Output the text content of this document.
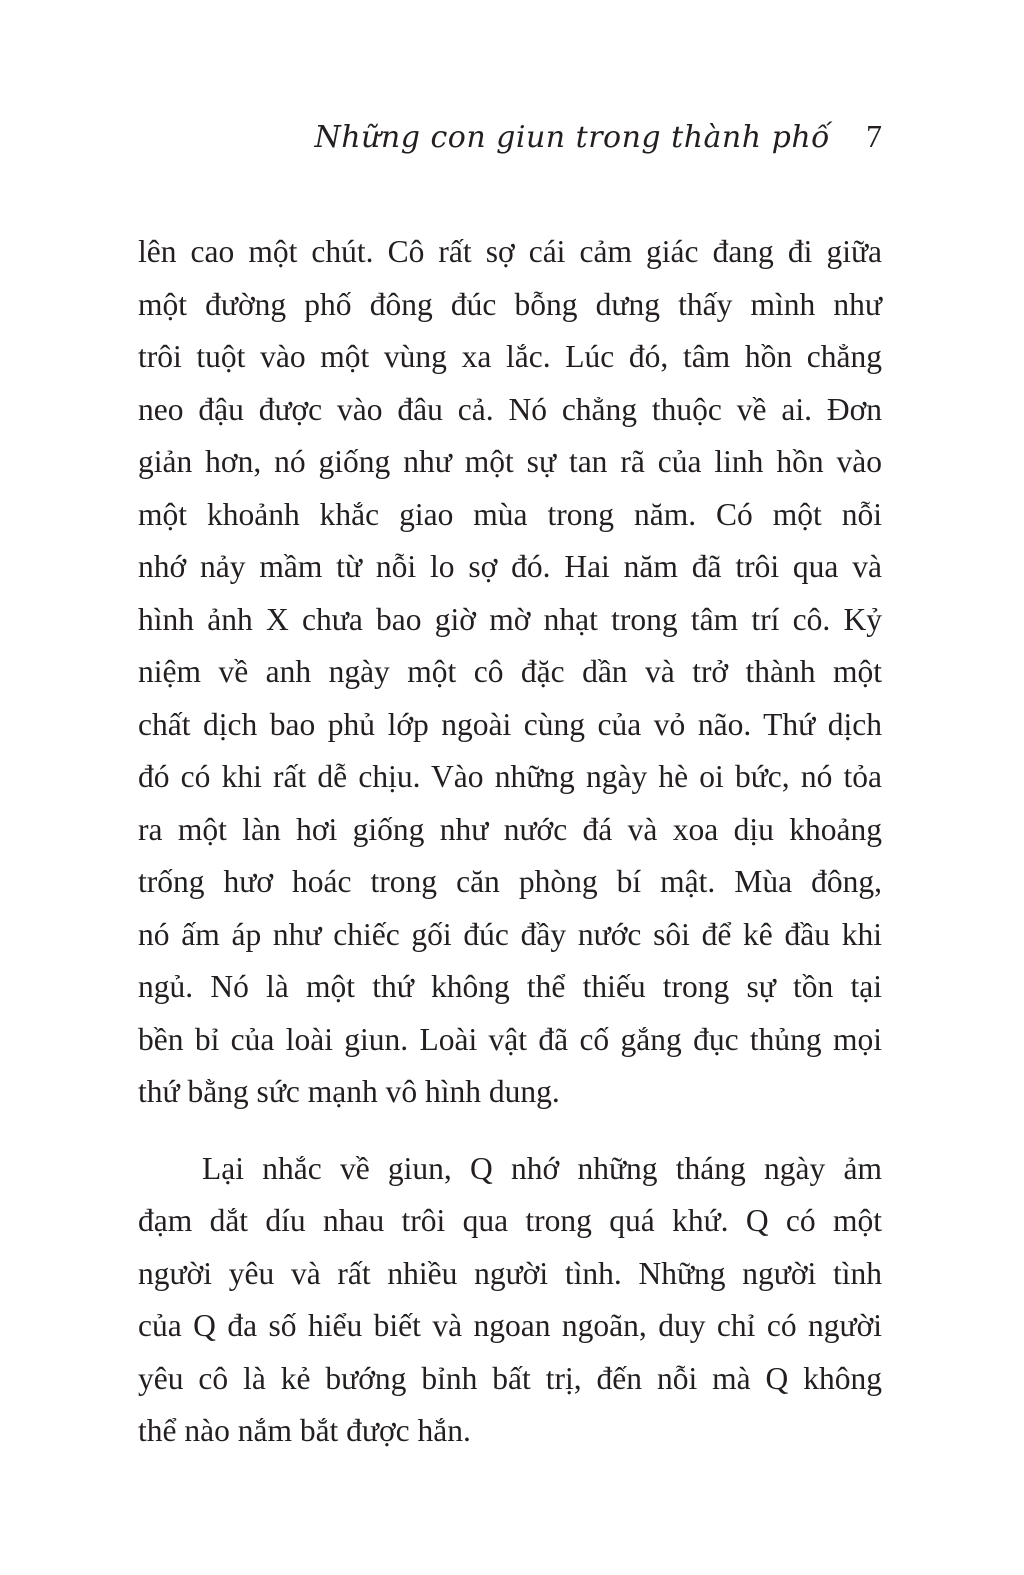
Những con giun trong thành phố 7

lên cao một chút. Cô rất sợ cái cảm giác đang đi giữa
một đường phố đông đúc bỗng dưng thấy mình như
trôi tuột vào một vùng xa lắc. Lúc đó, tâm hồn chẳng
neo đậu được vào đâu cả. Nó chẳng thuộc về ai. Đơn
giản hơn, nó giống như một sự tan rã của linh hồn vào
một khoảnh khắc giao mùa trong năm. Có một nỗi
nhớ nảy mầm từ nỗi lo sợ đó. Hai năm đã trôi qua và
hình ảnh X chưa bao giờ mờ nhạt trong tâm trí cô. Kỷ
niệm về anh ngày một cô đặc dần và trở thành một
chất dịch bao phủ lớp ngoài cùng của vỏ não. Thứ dịch
đó có khi rất dễ chịu. Vào những ngày hè oi bức, nó tỏa
ra một làn hơi giống như nước đá và xoa dịu khoảng
trống hươ hoác trong căn phòng bí mật. Mùa đông,
nó ấm áp như chiếc gối đúc đầy nước sôi để kê đầu khi
ngủ. Nó là một thứ không thể thiếu trong sự tồn tại
bền bỉ của loài giun. Loài vật đã cố gắng đục thủng mọi
thứ bằng sức mạnh vô hình dung.

Lại nhắc về giun, Q nhớ những tháng ngày ảm
đạm dắt díu nhau trôi qua trong quá khứ. Q có một
người yêu và rất nhiều người tình. Những người tình
của Q đa số hiểu biết và ngoan ngoãn, duy chỉ có người
yêu cô là kẻ bướng bỉnh bất trị, đến nỗi mà Q không
thể nào nắm bắt được hắn.
